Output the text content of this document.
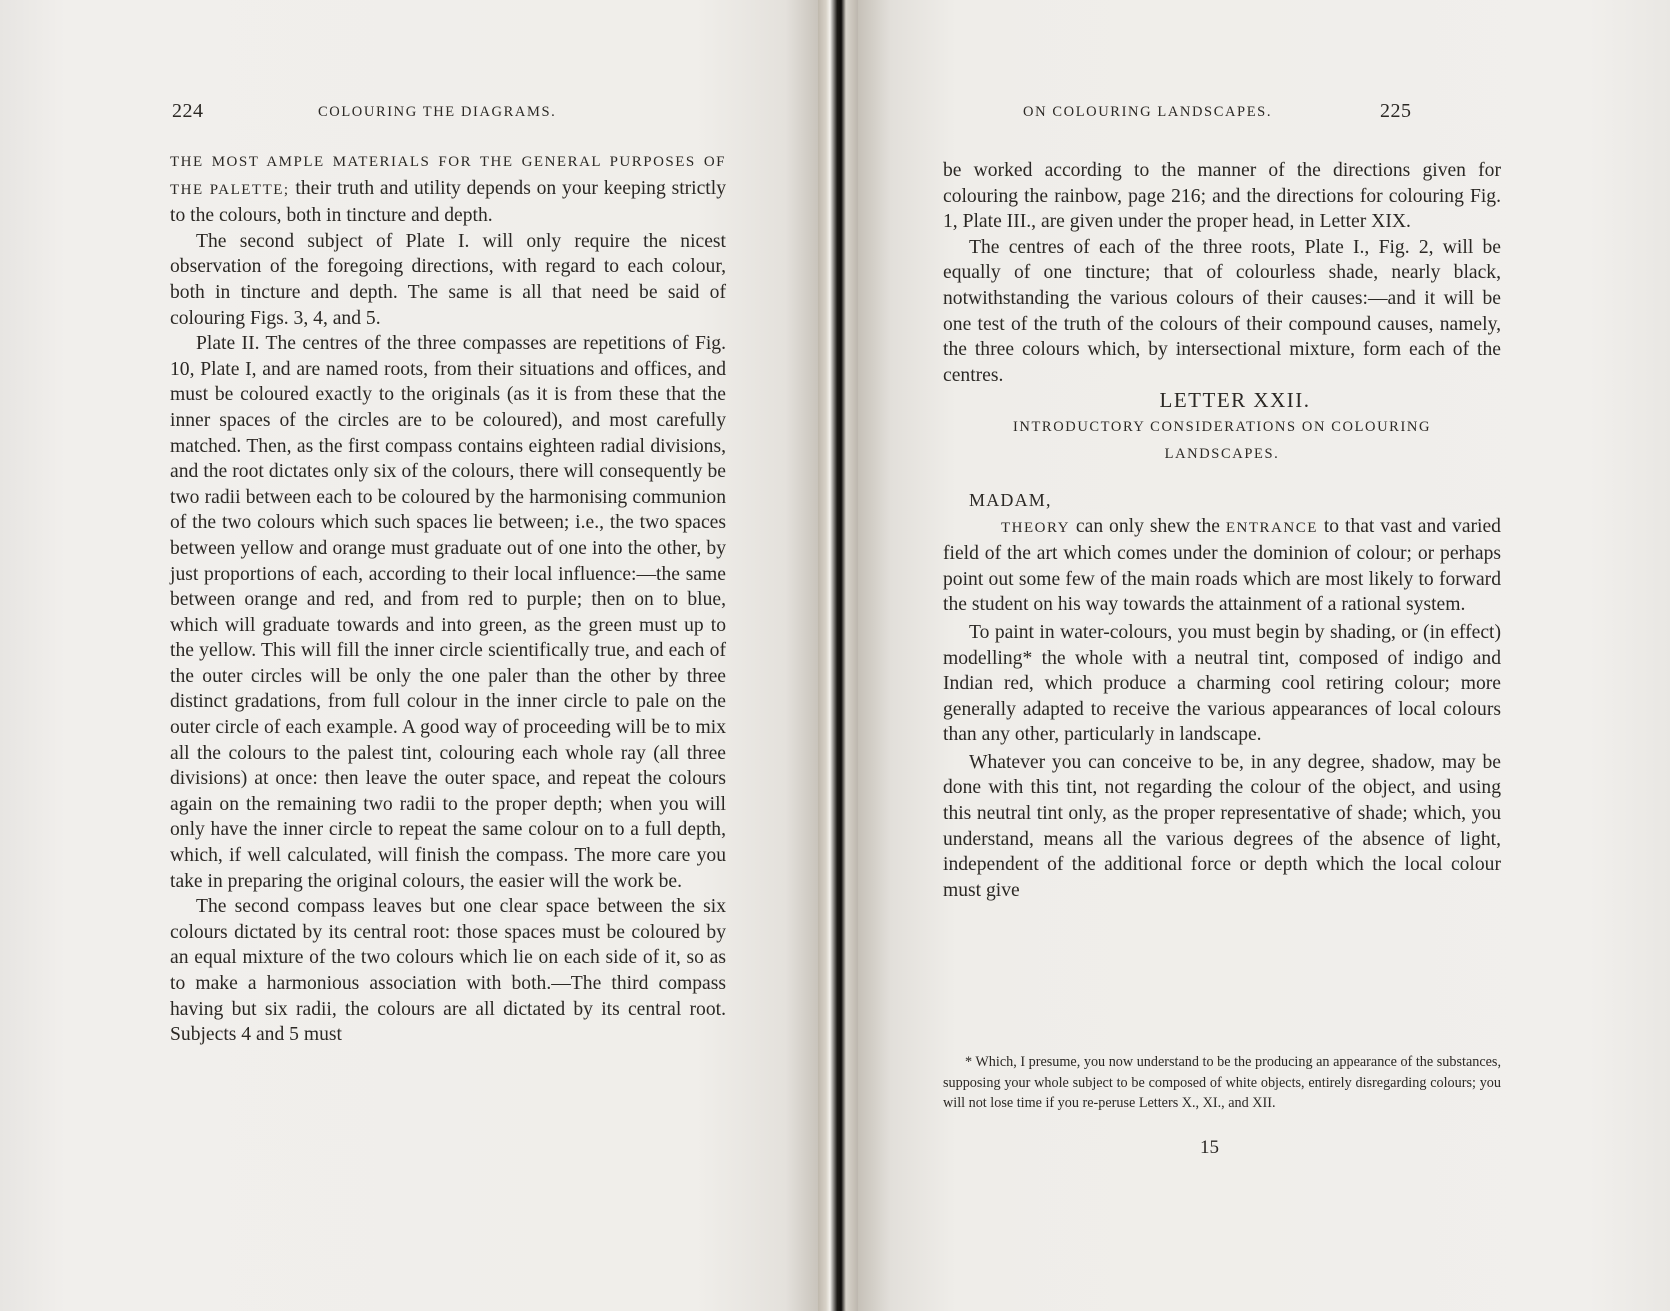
224	COLOURING THE DIAGRAMS.

THE MOST AMPLE MATERIALS FOR THE GENERAL PURPOSES OF THE PALETTE; their truth and utility depends on your keeping strictly to the colours, both in tincture and depth.

The second subject of Plate I. will only require the nicest observation of the foregoing directions, with regard to each colour, both in tincture and depth. The same is all that need be said of colouring Figs. 3, 4, and 5.

Plate II. The centres of the three compasses are repetitions of Fig. 10, Plate I, and are named roots, from their situations and offices, and must be coloured exactly to the originals (as it is from these that the inner spaces of the circles are to be coloured), and most carefully matched. Then, as the first compass contains eighteen radial divisions, and the root dictates only six of the colours, there will consequently be two radii between each to be coloured by the harmonising communion of the two colours which such spaces lie between; i.e., the two spaces between yellow and orange must graduate out of one into the other, by just proportions of each, according to their local influence:—the same between orange and red, and from red to purple; then on to blue, which will graduate towards and into green, as the green must up to the yellow. This will fill the inner circle scientifically true, and each of the outer circles will be only the one paler than the other by three distinct gradations, from full colour in the inner circle to pale on the outer circle of each example. A good way of proceeding will be to mix all the colours to the palest tint, colouring each whole ray (all three divisions) at once: then leave the outer space, and repeat the colours again on the remaining two radii to the proper depth; when you will only have the inner circle to repeat the same colour on to a full depth, which, if well calculated, will finish the compass. The more care you take in preparing the original colours, the easier will the work be.

The second compass leaves but one clear space between the six colours dictated by its central root: those spaces must be coloured by an equal mixture of the two colours which lie on each side of it, so as to make a harmonious association with both.—The third compass having but six radii, the colours are all dictated by its central root. Subjects 4 and 5 must

ON COLOURING LANDSCAPES.	225

be worked according to the manner of the directions given for colouring the rainbow, page 216; and the directions for colouring Fig. 1, Plate III., are given under the proper head, in Letter XIX.

The centres of each of the three roots, Plate I., Fig. 2, will be equally of one tincture; that of colourless shade, nearly black, notwithstanding the various colours of their causes:—and it will be one test of the truth of the colours of their compound causes, namely, the three colours which, by intersectional mixture, form each of the centres.

LETTER XXII.

INTRODUCTORY CONSIDERATIONS ON COLOURING LANDSCAPES.

MADAM,

THEORY can only shew the ENTRANCE to that vast and varied field of the art which comes under the dominion of colour; or perhaps point out some few of the main roads which are most likely to forward the student on his way towards the attainment of a rational system.

To paint in water-colours, you must begin by shading, or (in effect) modelling* the whole with a neutral tint, composed of indigo and Indian red, which produce a charming cool retiring colour; more generally adapted to receive the various appearances of local colours than any other, particularly in landscape.

Whatever you can conceive to be, in any degree, shadow, may be done with this tint, not regarding the colour of the object, and using this neutral tint only, as the proper representative of shade; which, you understand, means all the various degrees of the absence of light, independent of the additional force or depth which the local colour must give

* Which, I presume, you now understand to be the producing an appearance of the substances, supposing your whole subject to be composed of white objects, entirely disregarding colours; you will not lose time if you re-peruse Letters X., XI., and XII.

15
